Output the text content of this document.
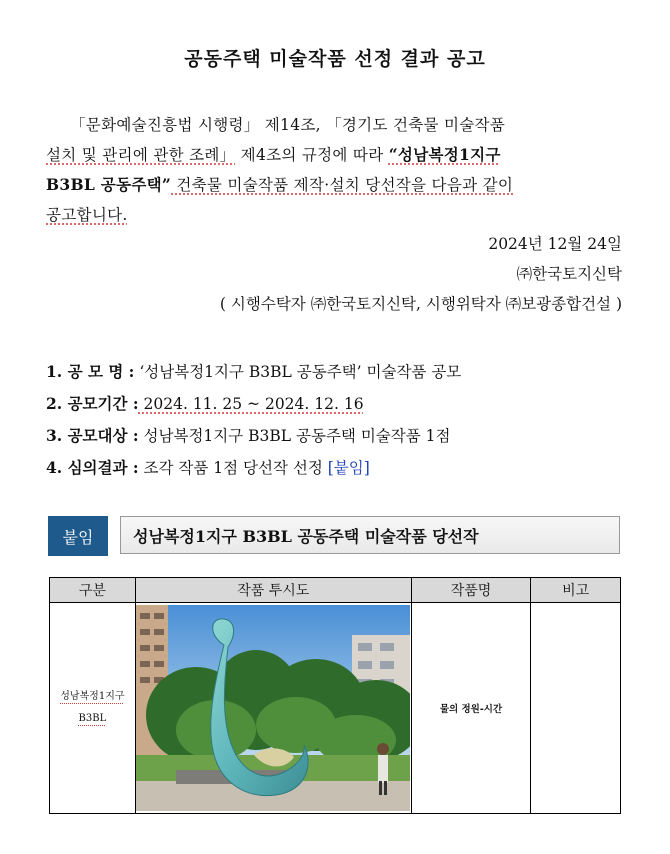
공동주택 미술작품 선정 결과 공고
「문화예술진흥법 시행령」 제14조, 「경기도 건축물 미술작품
설치 및 관리에 관한 조례」 제4조의 규정에 따라 “성남복정1지구
B3BL 공동주택” 건축물 미술작품 제작·설치 당선작을 다음과 같이
공고합니다.
2024년 12월 24일
㈜한국토지신탁
( 시행수탁자 ㈜한국토지신탁, 시행위탁자 ㈜보광종합건설 )
1. 공 모 명 : ‘성남복정1지구 B3BL 공동주택’ 미술작품 공모
2. 공모기간 : 2024. 11. 25 ~ 2024. 12. 16
3. 공모대상 : 성남복정1지구 B3BL 공동주택 미술작품 1점
4. 심의결과 : 조각 작품 1점 당선작 선정 [붙임]
붙임	성남복정1지구 B3BL 공동주택 미술작품 당선작
구분	작품 투시도	작품명	비고
성남복정1지구
B3BL		물의 정원-시간	
